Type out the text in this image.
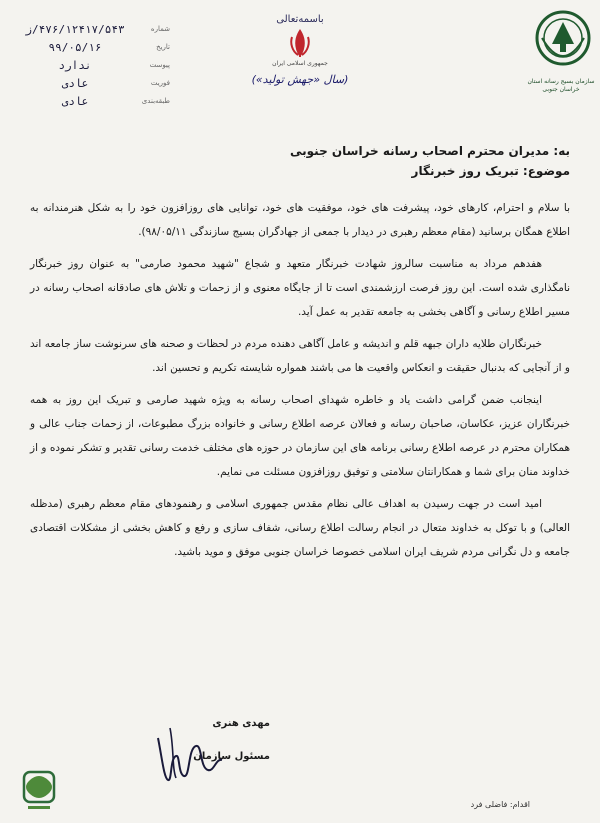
سازمان بسیج رسانه استان خراسان جنوبی
باسمه‌تعالی
جمهوری اسلامی ایران
(سال «جهش تولید»)
شماره
۴۷۶/۱۲۴۱۷/۵۴۳/ز
تاریخ
۹۹/۰۵/۱۶
پیوست
ندارد
فوریت
عادی
طبقه‌بندی
عادی
به: مدیران محترم اصحاب رسانه خراسان جنوبی
موضوع: تبریک روز خبرنگار

با سلام و احترام، کارهای خود، پیشرفت های خود، موفقیت های خود، توانایی های روزافزون خود را به شکل هنرمندانه به اطلاع همگان برسانید (مقام معظم رهبری در دیدار با جمعی از جهادگران بسیج سازندگی ۹۸/۰۵/۱۱).

هفدهم مرداد به مناسبت سالروز شهادت خبرنگار متعهد و شجاع "شهید محمود صارمی" به عنوان روز خبرنگار نامگذاری شده است. این روز فرصت ارزشمندی است تا از جایگاه معنوی و از زحمات و تلاش های صادقانه اصحاب رسانه در مسیر اطلاع رسانی و آگاهی بخشی به جامعه تقدیر به عمل آید.

خبرنگاران طلایه داران جبهه قلم و اندیشه و عامل آگاهی دهنده مردم در لحظات و صحنه های سرنوشت ساز جامعه اند و از آنجایی که بدنبال حقیقت و انعکاس واقعیت ها می باشند همواره شایسته تکریم و تحسین اند.

اینجانب ضمن گرامی داشت یاد و خاطره شهدای اصحاب رسانه به ویژه شهید صارمی و تبریک این روز به همه خبرنگاران عزیز، عکاسان، صاحبان رسانه و فعالان عرصه اطلاع رسانی و خانواده بزرگ مطبوعات، از زحمات جناب عالی و همکاران محترم در عرصه اطلاع رسانی برنامه های این سازمان در حوزه های مختلف خدمت رسانی تقدیر و تشکر نموده و از خداوند منان برای شما و همکارانتان سلامتی و توفیق روزافزون مسئلت می نمایم.

امید است در جهت رسیدن به اهداف عالی نظام مقدس جمهوری اسلامی و رهنمودهای مقام معظم رهبری (مدظله العالی) و با توکل به خداوند متعال در انجام رسالت اطلاع رسانی، شفاف سازی و رفع و کاهش بخشی از مشکلات اقتصادی جامعه و دل نگرانی مردم شریف ایران اسلامی خصوصا خراسان جنوبی موفق و موید باشید.

مهدی هنری
مسئول سازمان
اقدام: فاضلی فرد
